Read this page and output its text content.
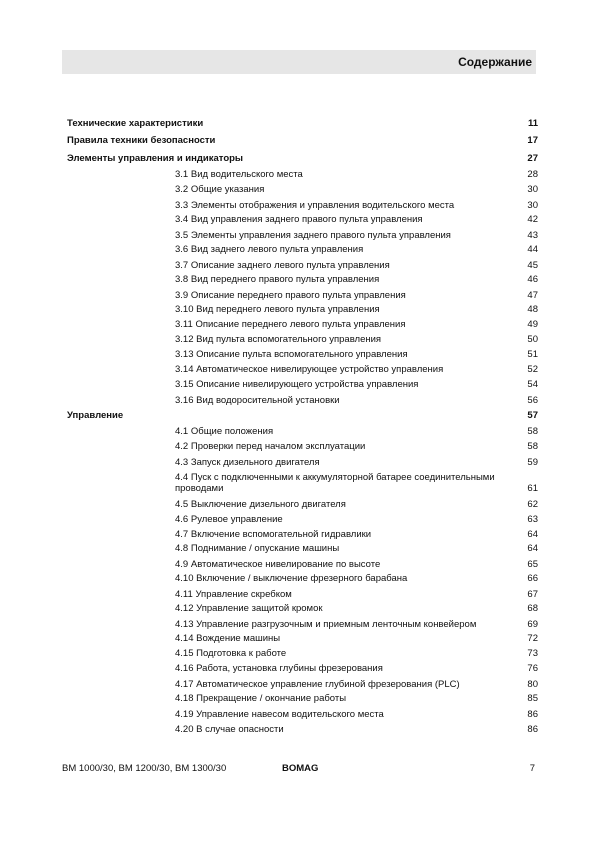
Содержание
Технические характеристики	11
Правила техники безопасности	17
Элементы управления и индикаторы	27
3.1 Вид водительского места	28
3.2 Общие указания	30
3.3 Элементы отображения и управления водительского места	30
3.4 Вид управления заднего правого пульта управления	42
3.5 Элементы управления заднего правого пульта управления	43
3.6 Вид заднего левого пульта управления	44
3.7 Описание заднего левого пульта управления	45
3.8 Вид переднего правого пульта управления	46
3.9 Описание переднего правого пульта управления	47
3.10 Вид переднего левого пульта управления	48
3.11 Описание переднего левого пульта управления	49
3.12 Вид пульта вспомогательного управления	50
3.13 Описание пульта вспомогательного управления	51
3.14 Автоматическое нивелирующее устройство управления	52
3.15 Описание нивелирующего устройства управления	54
3.16 Вид водоросительной установки	56
Управление	57
4.1 Общие положения	58
4.2 Проверки перед началом эксплуатации	58
4.3 Запуск дизельного двигателя	59
4.4 Пуск с подключенными к аккумуляторной батарее соединительными проводами	61
4.5 Выключение дизельного двигателя	62
4.6 Рулевое управление	63
4.7 Включение вспомогательной гидравлики	64
4.8 Поднимание / опускание машины	64
4.9 Автоматическое нивелирование по высоте	65
4.10 Включение / выключение фрезерного барабана	66
4.11 Управление скребком	67
4.12 Управление защитой кромок	68
4.13 Управление разгрузочным и приемным ленточным конвейером	69
4.14 Вождение машины	72
4.15 Подготовка к работе	73
4.16 Работа, установка глубины фрезерования	76
4.17 Автоматическое управление глубиной фрезерования (PLC)	80
4.18 Прекращение / окончание работы	85
4.19 Управление навесом водительского места	86
4.20 В случае опасности	86
BM 1000/30, BM 1200/30, BM 1300/30	BOMAG	7
